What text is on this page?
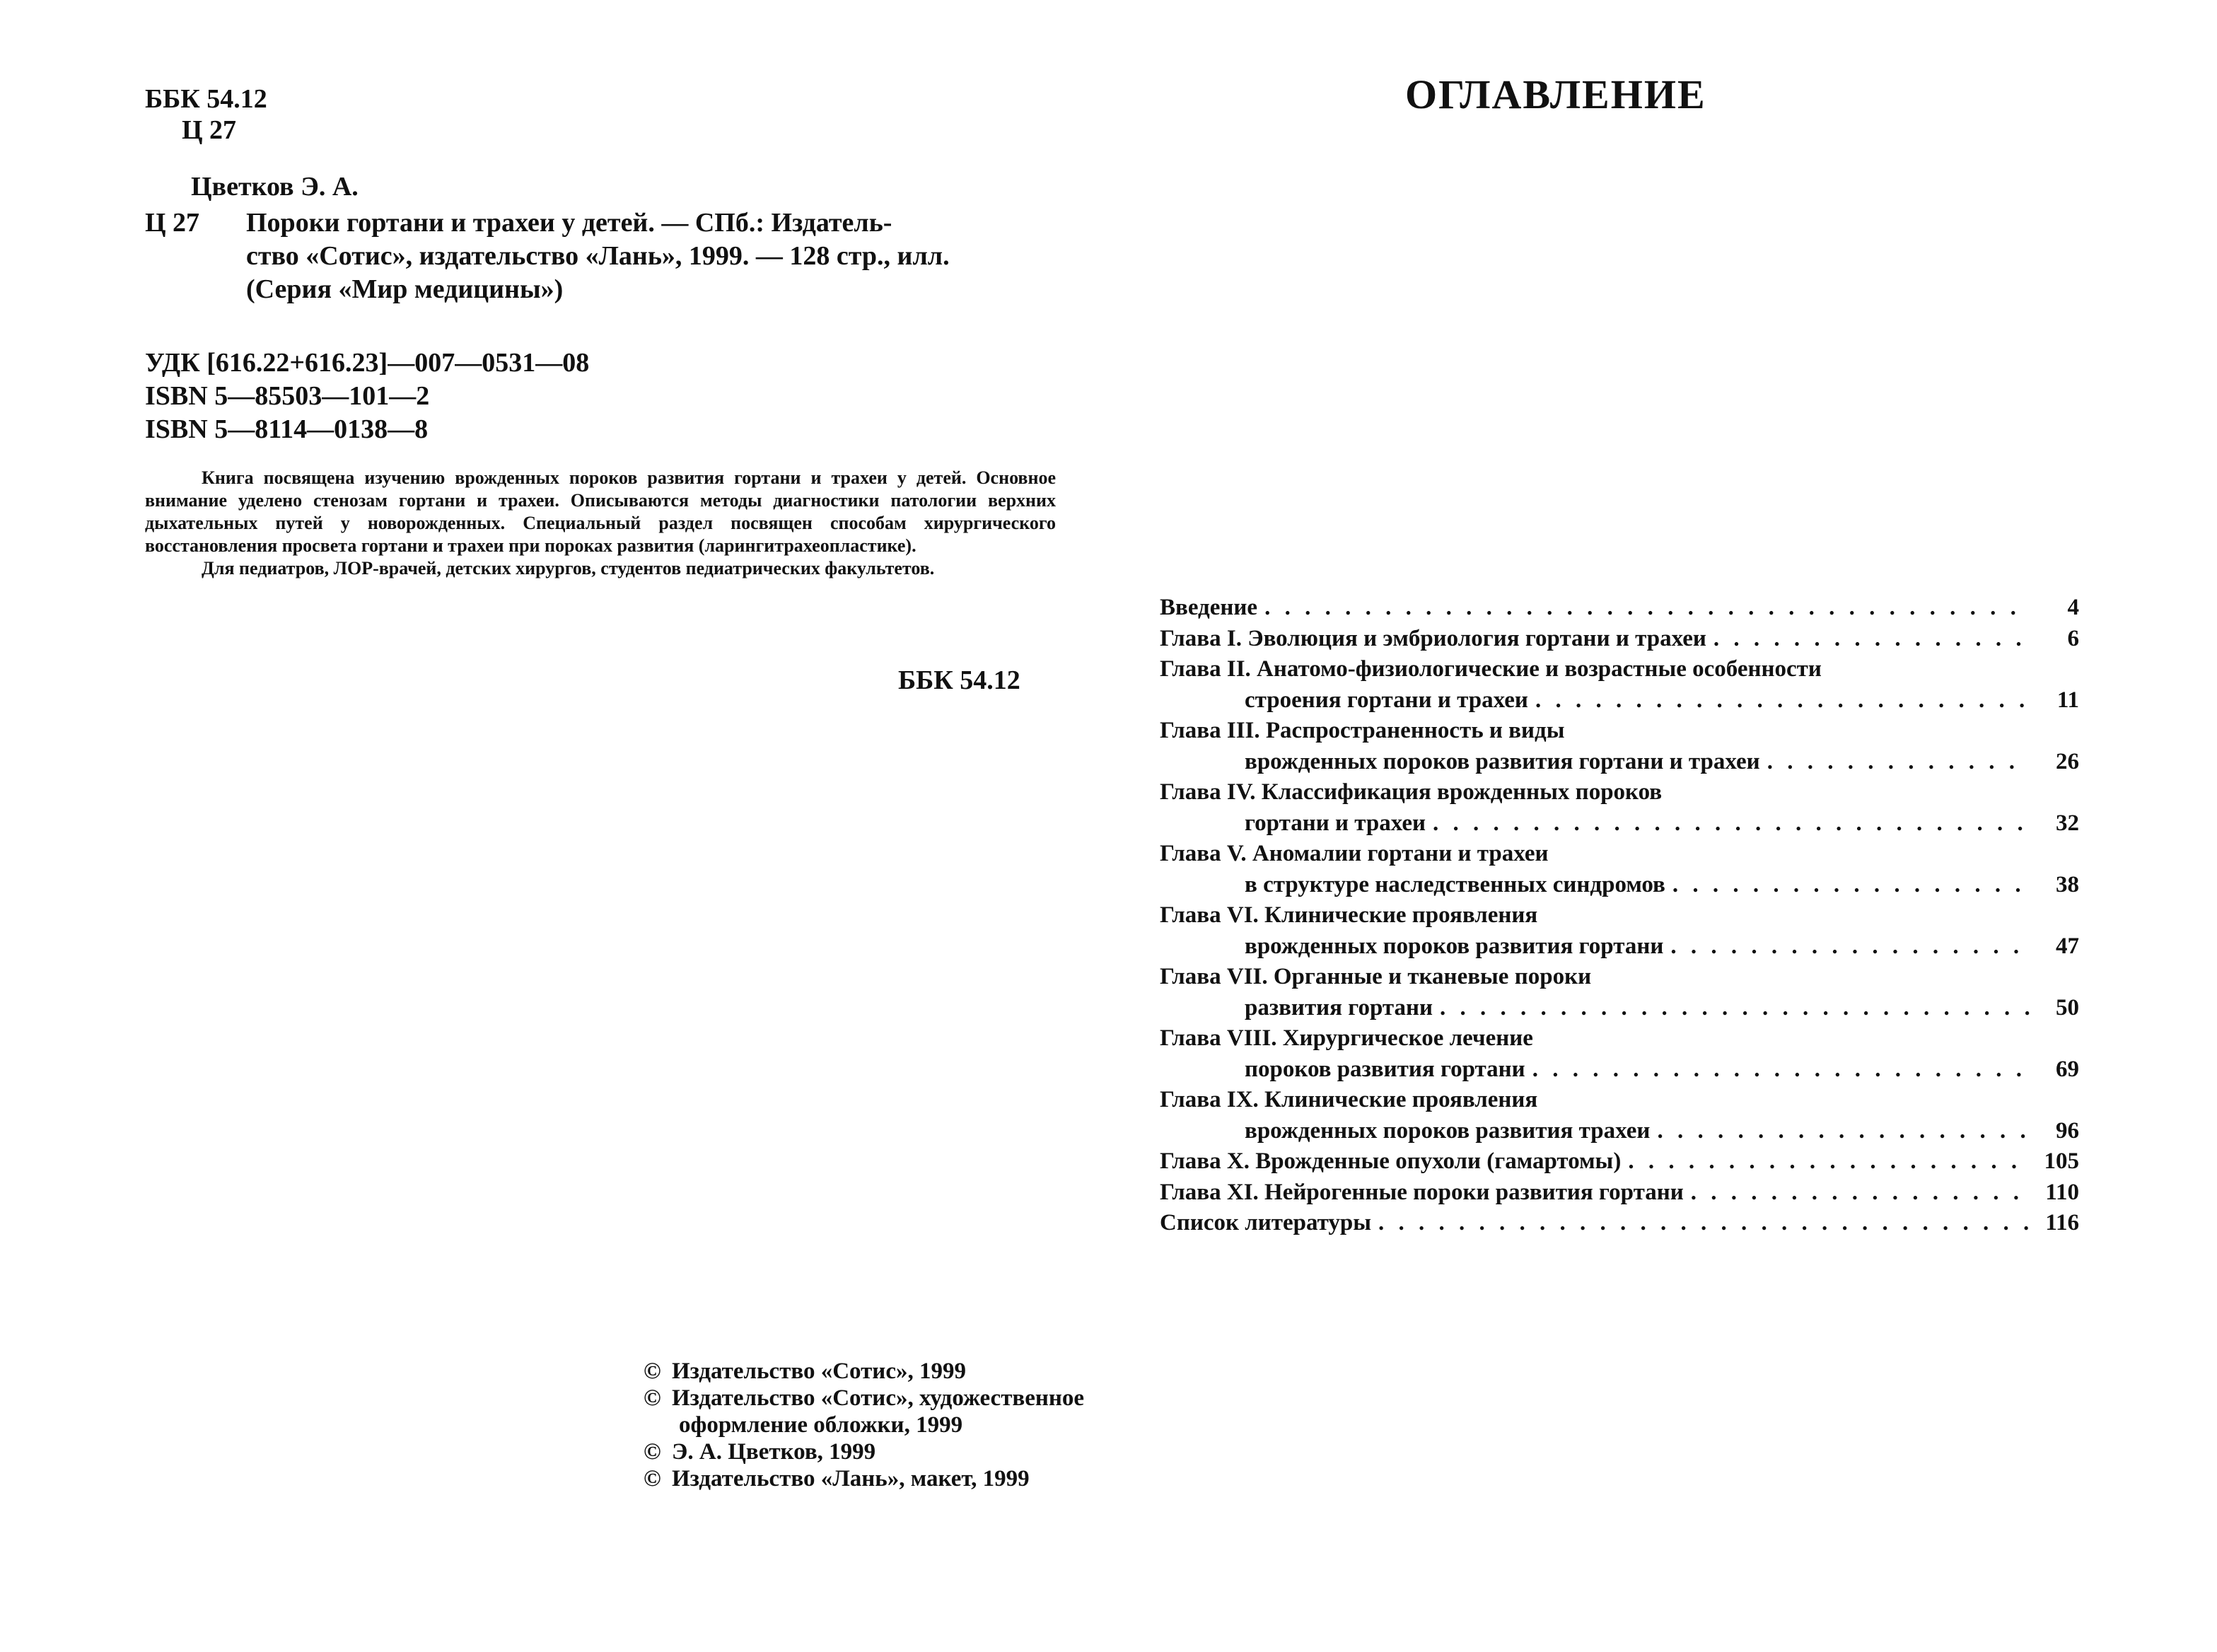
ББК 54.12
Ц 27
Цветков Э. А.
Ц 27	Пороки гортани и трахеи у детей. — СПб.: Издатель-
ство «Сотис», издательство «Лань», 1999. — 128 стр., илл.
(Серия «Мир медицины»)
УДК [616.22+616.23]—007—0531—08
ISBN 5—85503—101—2
ISBN 5—8114—0138—8

Книга посвящена изучению врожденных пороков развития гортани и трахеи у детей. Основное внимание уделено стенозам гортани и трахеи. Описываются методы диагностики патологии верхних дыхательных путей у новорожденных. Специальный раздел посвящен способам хирургического восстановления просвета гортани и трахеи при пороках развития (ларингитрахеопластике).

Для педиатров, ЛОР-врачей, детских хирургов, студентов педиатрических факультетов.

ББК 54.12
© Издательство «Сотис», 1999
© Издательство «Сотис», художественное оформление обложки, 1999
© Э. А. Цветков, 1999
© Издательство «Лань», макет, 1999
ОГЛАВЛЕНИЕ
Введение . . .	4
Глава I. Эволюция и эмбриология гортани и трахеи . . .	6
Глава II. Анатомо-физиологические и возрастные особенности
строения гортани и трахеи . . .	11
Глава III. Распространенность и виды
врожденных пороков развития гортани и трахеи . . .	26
Глава IV. Классификация врожденных пороков
гортани и трахеи . . .	32
Глава V. Аномалии гортани и трахеи
в структуре наследственных синдромов . . .	38
Глава VI. Клинические проявления
врожденных пороков развития гортани . . .	47
Глава VII. Органные и тканевые пороки
развития гортани . . .	50
Глава VIII. Хирургическое лечение
пороков развития гортани . . .	69
Глава IX. Клинические проявления
врожденных пороков развития трахеи . . .	96
Глава X. Врожденные опухоли (гамартомы) . . .	105
Глава XI. Нейрогенные пороки развития гортани . . .	110
Список литературы . . .	116
